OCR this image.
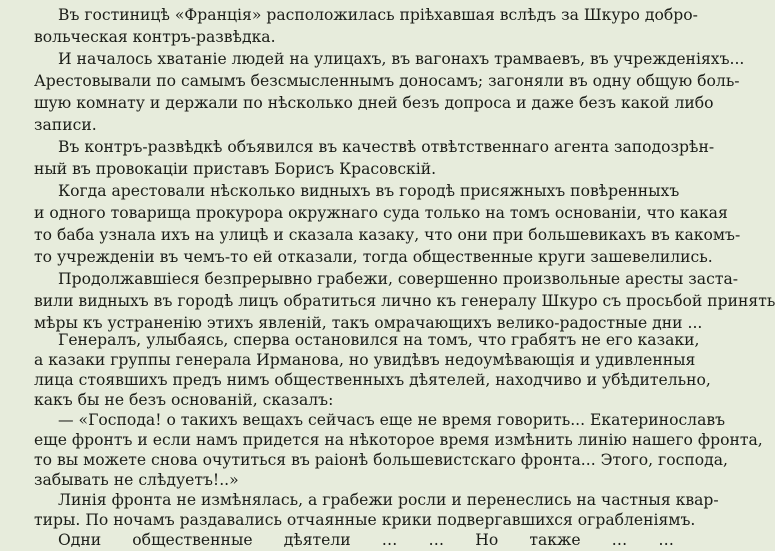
Въ гостиницѣ «Франція» расположилась пріѣхавшая вслѣдъ за Шкуро добро-
вольческая контръ-развѣдка.
И началось хватаніе людей на улицахъ, въ вагонахъ трамваевъ, въ учрежденіяхъ...
Арестовывали по самымъ безсмысленнымъ доносамъ; загоняли въ одну общую боль-
шую комнату и держали по нѣсколько дней безъ допроса и даже безъ какой либо
записи.
Въ контръ-развѣдкѣ объявился въ качествѣ отвѣтственнаго агента заподозрѣн-
ный въ провокаціи приставъ Борисъ Красовскій.
Когда арестовали нѣсколько видныхъ въ городѣ присяжныхъ повѣренныхъ
и одного товарища прокурора окружнаго суда только на томъ основаніи, что какая
то баба узнала ихъ на улицѣ и сказала казаку, что они при большевикахъ въ какомъ-
то учрежденіи въ чемъ-то ей отказали, тогда общественные круги зашевелились.
Продолжавшіеся безпрерывно грабежи, совершенно произвольные аресты заста-
вили видныхъ въ городѣ лицъ обратиться лично къ генералу Шкуро съ просьбой принять
мѣры къ устраненію этихъ явленій, такъ омрачающихъ велико-радостные дни ...
Генералъ, улыбаясь, сперва остановился на томъ, что грабятъ не его казаки,
а казаки группы генерала Ирманова, но увидѣвъ недоумѣвающія и удивленныя
лица стоявшихъ предъ нимъ общественныхъ дѣятелей, находчиво и убѣдительно,
какъ бы не безъ основаній, сказалъ:
— «Господа! о такихъ вещахъ сейчасъ еще не время говорить... Екатеринославъ
еще фронтъ и если намъ придется на нѣкоторое время измѣнить линію нашего фронта,
то вы можете снова очутиться въ раіонѣ большевистскаго фронта... Этого, господа,
забывать не слѣдуетъ!..»
Линія фронта не измѣнялась, а грабежи росли и перенеслись на частныя квар-
тиры. По ночамъ раздавались отчаянные крики подвергавшихся ограбленіямъ.
Одни общественные дѣятели … … Но также … …
